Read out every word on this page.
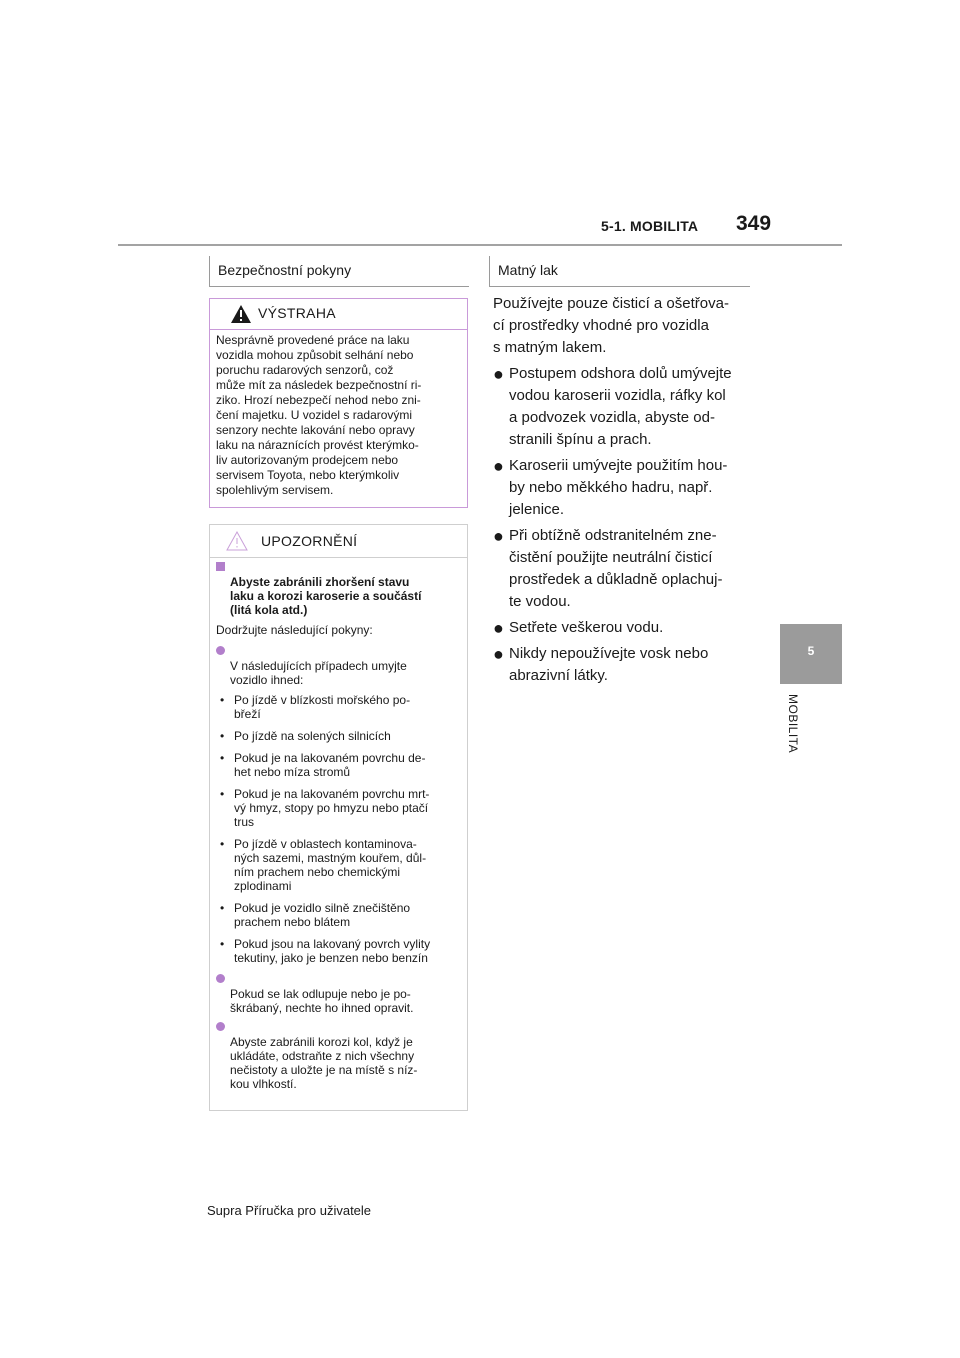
5-1. MOBILITA 349
5
MOBILITA
Bezpečnostní pokyny
VÝSTRAHA
Nesprávně provedené práce na laku
vozidla mohou způsobit selhání nebo
poruchu radarových senzorů, což
může mít za následek bezpečnostní ri-
ziko. Hrozí nebezpečí nehod nebo zni-
čení majetku. U vozidel s radarovými
senzory nechte lakování nebo opravy
laku na náraznících provést kterýmko-
liv autorizovaným prodejcem nebo
servisem Toyota, nebo kterýmkoliv
spolehlivým servisem.
UPOZORNĚNÍ

Abyste zabránili zhoršení stavu
laku a korozi karoserie a součástí
(litá kola atd.)

Dodržujte následující pokyny:

V následujících případech umyjte
vozidlo ihned:

• Po jízdě v blízkosti mořského po-
břeží
• Po jízdě na solených silnicích
• Pokud je na lakovaném povrchu de-
het nebo míza stromů
• Pokud je na lakovaném povrchu mrt-
vý hmyz, stopy po hmyzu nebo ptačí
trus
• Po jízdě v oblastech kontaminova-
ných sazemi, mastným kouřem, důl-
ním prachem nebo chemickými
zplodinami
• Pokud je vozidlo silně znečištěno
prachem nebo blátem
• Pokud jsou na lakovaný povrch vylity
tekutiny, jako je benzen nebo benzín

Pokud se lak odlupuje nebo je po-
škrábaný, nechte ho ihned opravit.

Abyste zabránili korozi kol, když je
ukládáte, odstraňte z nich všechny
nečistoty a uložte je na místě s níz-
kou vlhkostí.

Matný lak
Používejte pouze čisticí a ošetřova-
cí prostředky vhodné pro vozidla
s matným lakem.
● Postupem odshora dolů umývejte
vodou karoserii vozidla, ráfky kol
a podvozek vozidla, abyste od-
stranili špínu a prach.
● Karoserii umývejte použitím hou-
by nebo měkkého hadru, např.
jelenice.
● Při obtížně odstranitelném zne-
čistění použijte neutrální čisticí
prostředek a důkladně oplachuj-
te vodou.
● Setřete veškerou vodu.
● Nikdy nepoužívejte vosk nebo
abrazivní látky.
Supra Příručka pro uživatele
